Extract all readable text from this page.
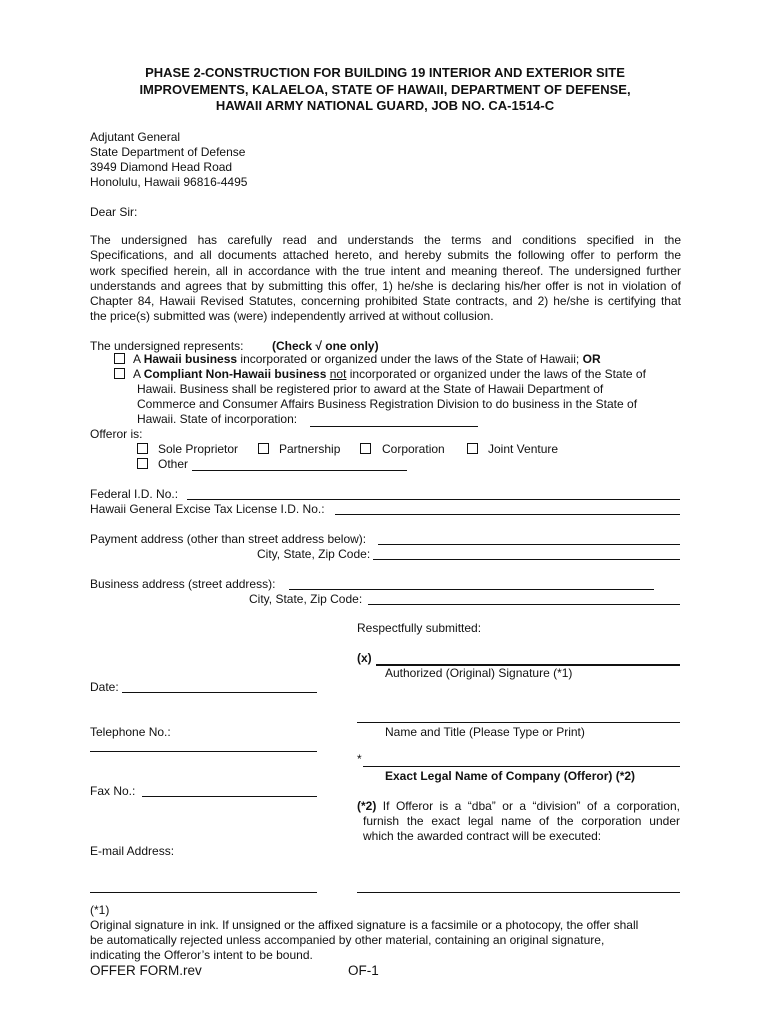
PHASE 2-CONSTRUCTION FOR BUILDING 19 INTERIOR AND EXTERIOR SITE
IMPROVEMENTS, KALAELOA, STATE OF HAWAII, DEPARTMENT OF DEFENSE,
HAWAII ARMY NATIONAL GUARD, JOB NO. CA-1514-C
Adjutant General
State Department of Defense
3949 Diamond Head Road
Honolulu, Hawaii 96816-4495
Dear Sir:
The undersigned has carefully read and understands the terms and conditions specified in the
Specifications, and all documents attached hereto, and hereby submits the following offer to perform the
work specified herein, all in accordance with the true intent and meaning thereof. The undersigned further
understands and agrees that by submitting this offer, 1) he/she is declaring his/her offer is not in violation of
Chapter 84, Hawaii Revised Statutes, concerning prohibited State contracts, and 2) he/she is certifying that
the price(s) submitted was (were) independently arrived at without collusion.
The undersigned represents: (Check √ one only)
A Hawaii business incorporated or organized under the laws of the State of Hawaii; OR
A Compliant Non-Hawaii business not incorporated or organized under the laws of the State of
Hawaii. Business shall be registered prior to award at the State of Hawaii Department of
Commerce and Consumer Affairs Business Registration Division to do business in the State of
Hawaii. State of incorporation:
Offeror is:
Sole Proprietor	Partnership	Corporation	Joint Venture
Other
Federal I.D. No.:
Hawaii General Excise Tax License I.D. No.:
Payment address (other than street address below):
City, State, Zip Code:
Business address (street address):
City, State, Zip Code:
Respectfully submitted:
(x)
Authorized (Original) Signature (*1)
Name and Title (Please Type or Print)
*
Exact Legal Name of Company (Offeror) (*2)
(*2) If Offeror is a “dba” or a “division” of a corporation,
furnish the exact legal name of the corporation under
which the awarded contract will be executed:
Date:
Telephone No.:
Fax No.:
E-mail Address:
(*1)
Original signature in ink. If unsigned or the affixed signature is a facsimile or a photocopy, the offer shall
be automatically rejected unless accompanied by other material, containing an original signature,
indicating the Offeror’s intent to be bound.
OFFER FORM.rev	OF-1
